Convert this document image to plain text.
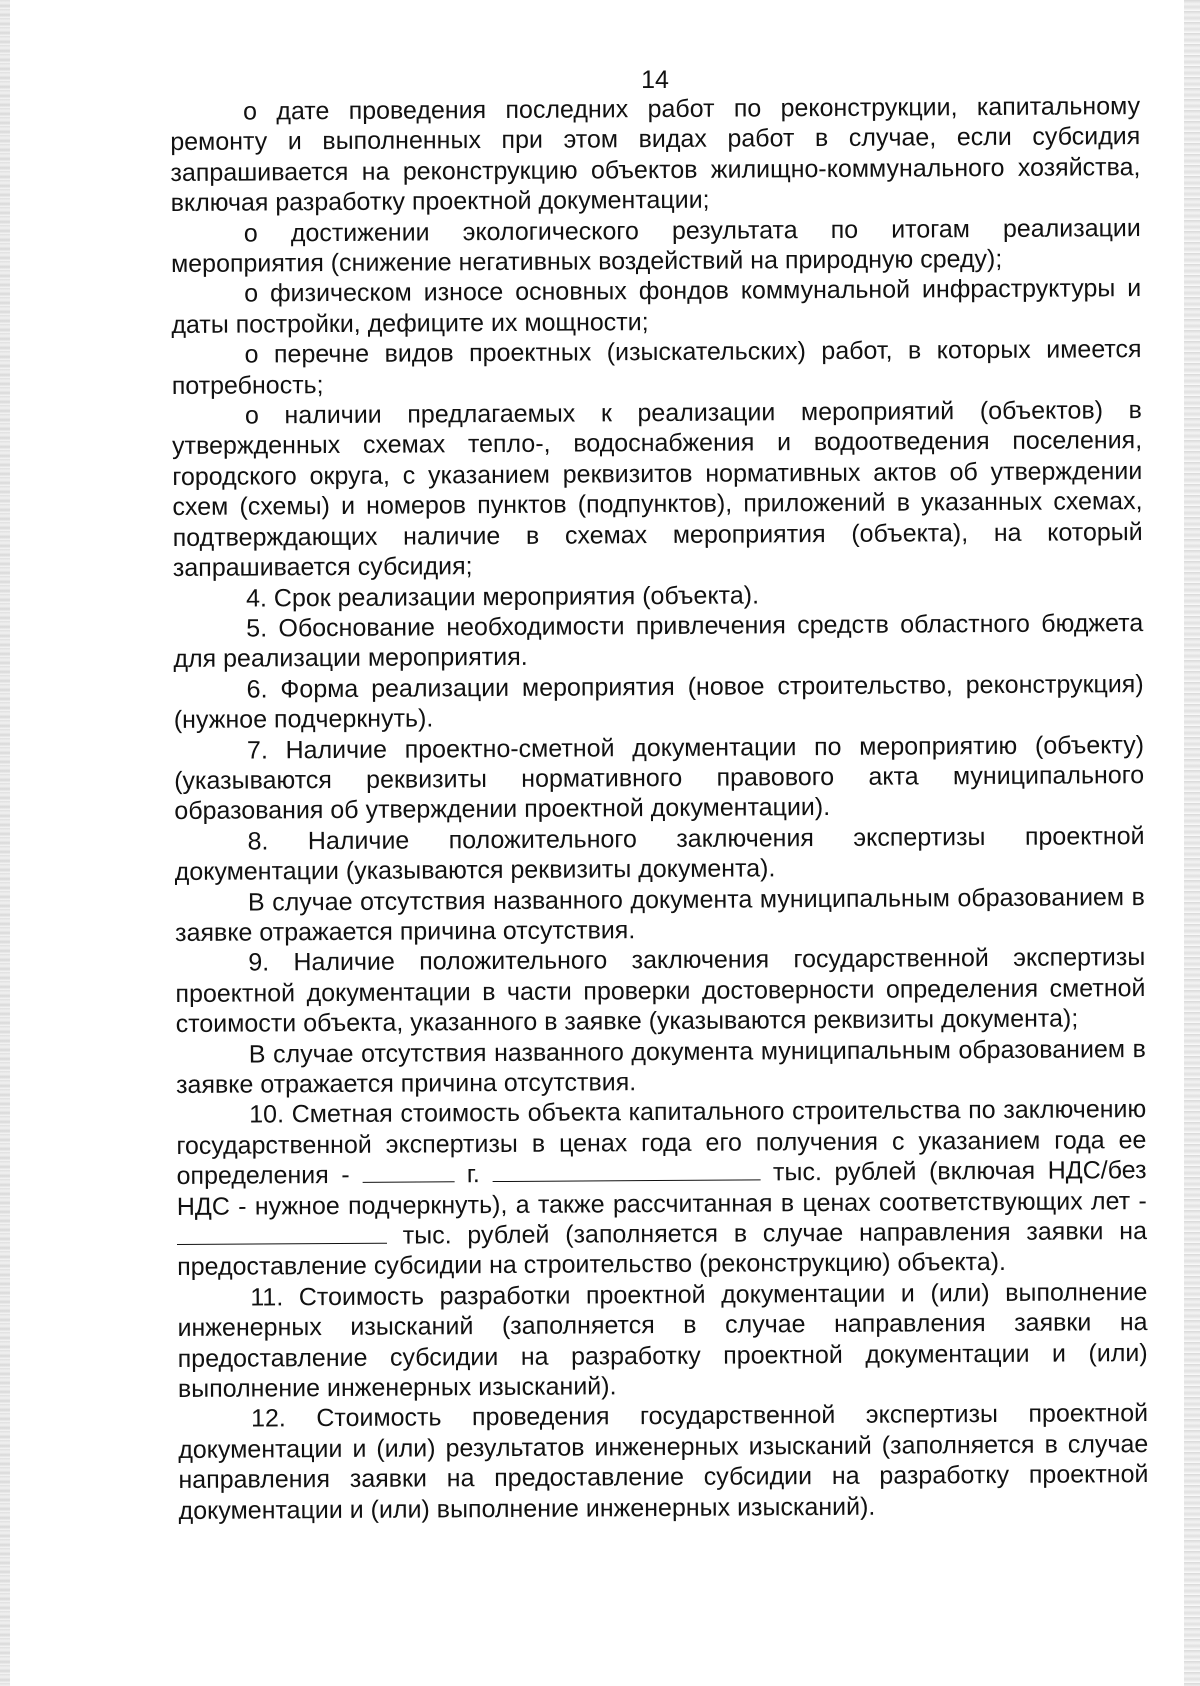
14

о дате проведения последних работ по реконструкции, капитальному ремонту и выполненных при этом видах работ в случае, если субсидия запрашивается на реконструкцию объектов жилищно-коммунального хозяйства, включая разработку проектной документации;

о достижении экологического результата по итогам реализации мероприятия (снижение негативных воздействий на природную среду);

о физическом износе основных фондов коммунальной инфраструктуры и даты постройки, дефиците их мощности;

о перечне видов проектных (изыскательских) работ, в которых имеется потребность;

о наличии предлагаемых к реализации мероприятий (объектов) в утвержденных схемах тепло-, водоснабжения и водоотведения поселения, городского округа, с указанием реквизитов нормативных актов об утверждении схем (схемы) и номеров пунктов (подпунктов), приложений в указанных схемах, подтверждающих наличие в схемах мероприятия (объекта), на который запрашивается субсидия;

4. Срок реализации мероприятия (объекта).

5. Обоснование необходимости привлечения средств областного бюджета для реализации мероприятия.

6. Форма реализации мероприятия (новое строительство, реконструкция) (нужное подчеркнуть).

7. Наличие проектно-сметной документации по мероприятию (объекту) (указываются реквизиты нормативного правового акта муниципального образования об утверждении проектной документации).

8. Наличие положительного заключения экспертизы проектной документации (указываются реквизиты документа).

В случае отсутствия названного документа муниципальным образованием в заявке отражается причина отсутствия.

9. Наличие положительного заключения государственной экспертизы проектной документации в части проверки достоверности определения сметной стоимости объекта, указанного в заявке (указываются реквизиты документа);

В случае отсутствия названного документа муниципальным образованием в заявке отражается причина отсутствия.

10. Сметная стоимость объекта капитального строительства по заключению государственной экспертизы в ценах года его получения с указанием года ее определения -	г.	тыс. рублей (включая НДС/без НДС - нужное подчеркнуть), а также рассчитанная в ценах соответствующих лет -  тыс. рублей (заполняется в случае направления заявки на предоставление субсидии на строительство (реконструкцию) объекта).

11. Стоимость разработки проектной документации и (или) выполнение инженерных изысканий (заполняется в случае направления заявки на предоставление субсидии на разработку проектной документации и (или) выполнение инженерных изысканий).

12. Стоимость проведения государственной экспертизы проектной документации и (или) результатов инженерных изысканий (заполняется в случае направления заявки на предоставление субсидии на разработку проектной документации и (или) выполнение инженерных изысканий).
